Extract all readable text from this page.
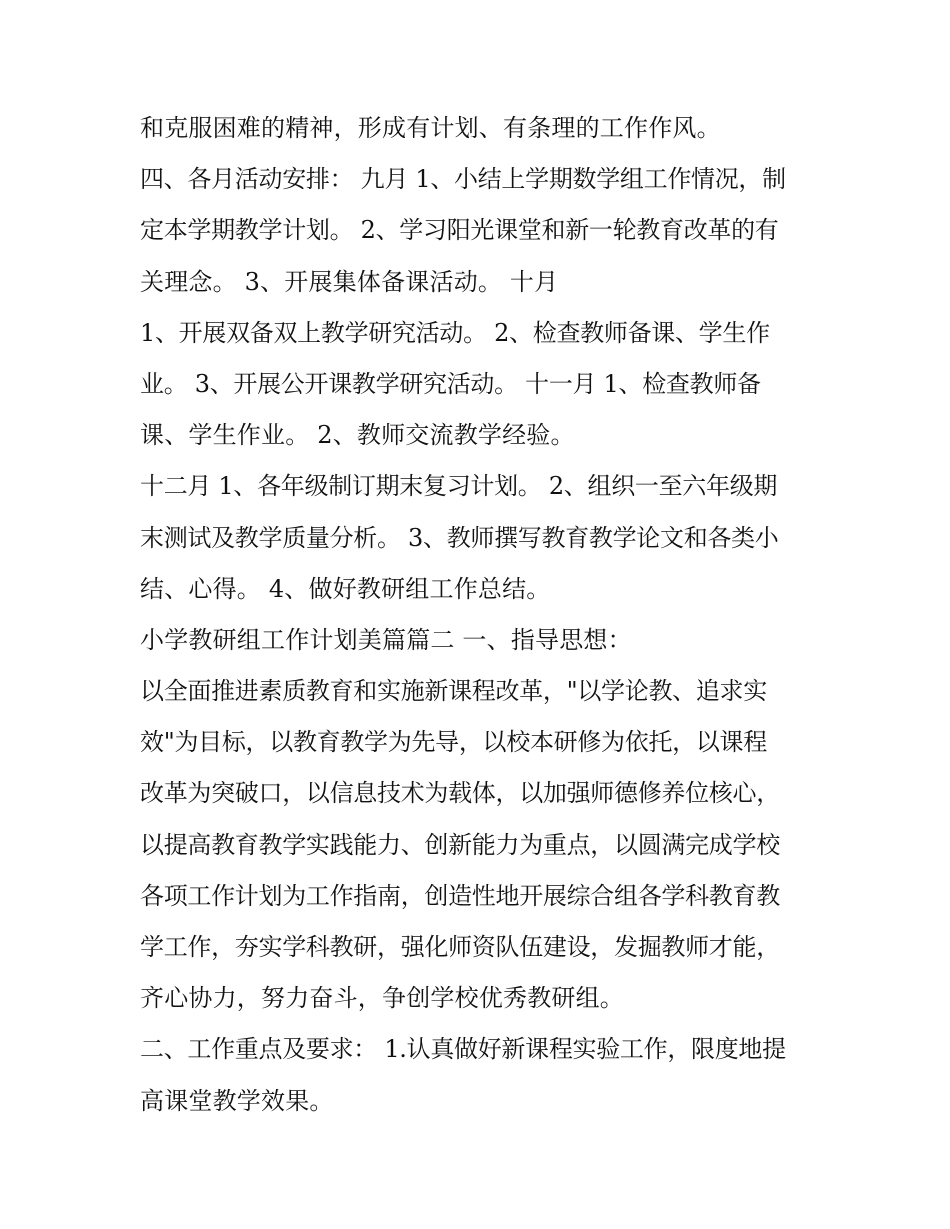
和克服困难的精神，形成有计划、有条理的工作作风。
四、各月活动安排： 九月 1、小结上学期数学组工作情况，制
定本学期教学计划。 2、学习阳光课堂和新一轮教育改革的有
关理念。 3、开展集体备课活动。 十月
1、开展双备双上教学研究活动。 2、检查教师备课、学生作
业。 3、开展公开课教学研究活动。 十一月 1、检查教师备
课、学生作业。 2、教师交流教学经验。
十二月 1、各年级制订期末复习计划。 2、组织一至六年级期
末测试及教学质量分析。 3、教师撰写教育教学论文和各类小
结、心得。 4、做好教研组工作总结。
小学教研组工作计划美篇篇二 一、指导思想：
以全面推进素质教育和实施新课程改革，"以学论教、追求实
效"为目标，以教育教学为先导，以校本研修为依托，以课程
改革为突破口，以信息技术为载体，以加强师德修养位核心，
以提高教育教学实践能力、创新能力为重点，以圆满完成学校
各项工作计划为工作指南，创造性地开展综合组各学科教育教
学工作，夯实学科教研，强化师资队伍建设，发掘教师才能，
齐心协力，努力奋斗，争创学校优秀教研组。
二、工作重点及要求： 1.认真做好新课程实验工作，限度地提
高课堂教学效果。
